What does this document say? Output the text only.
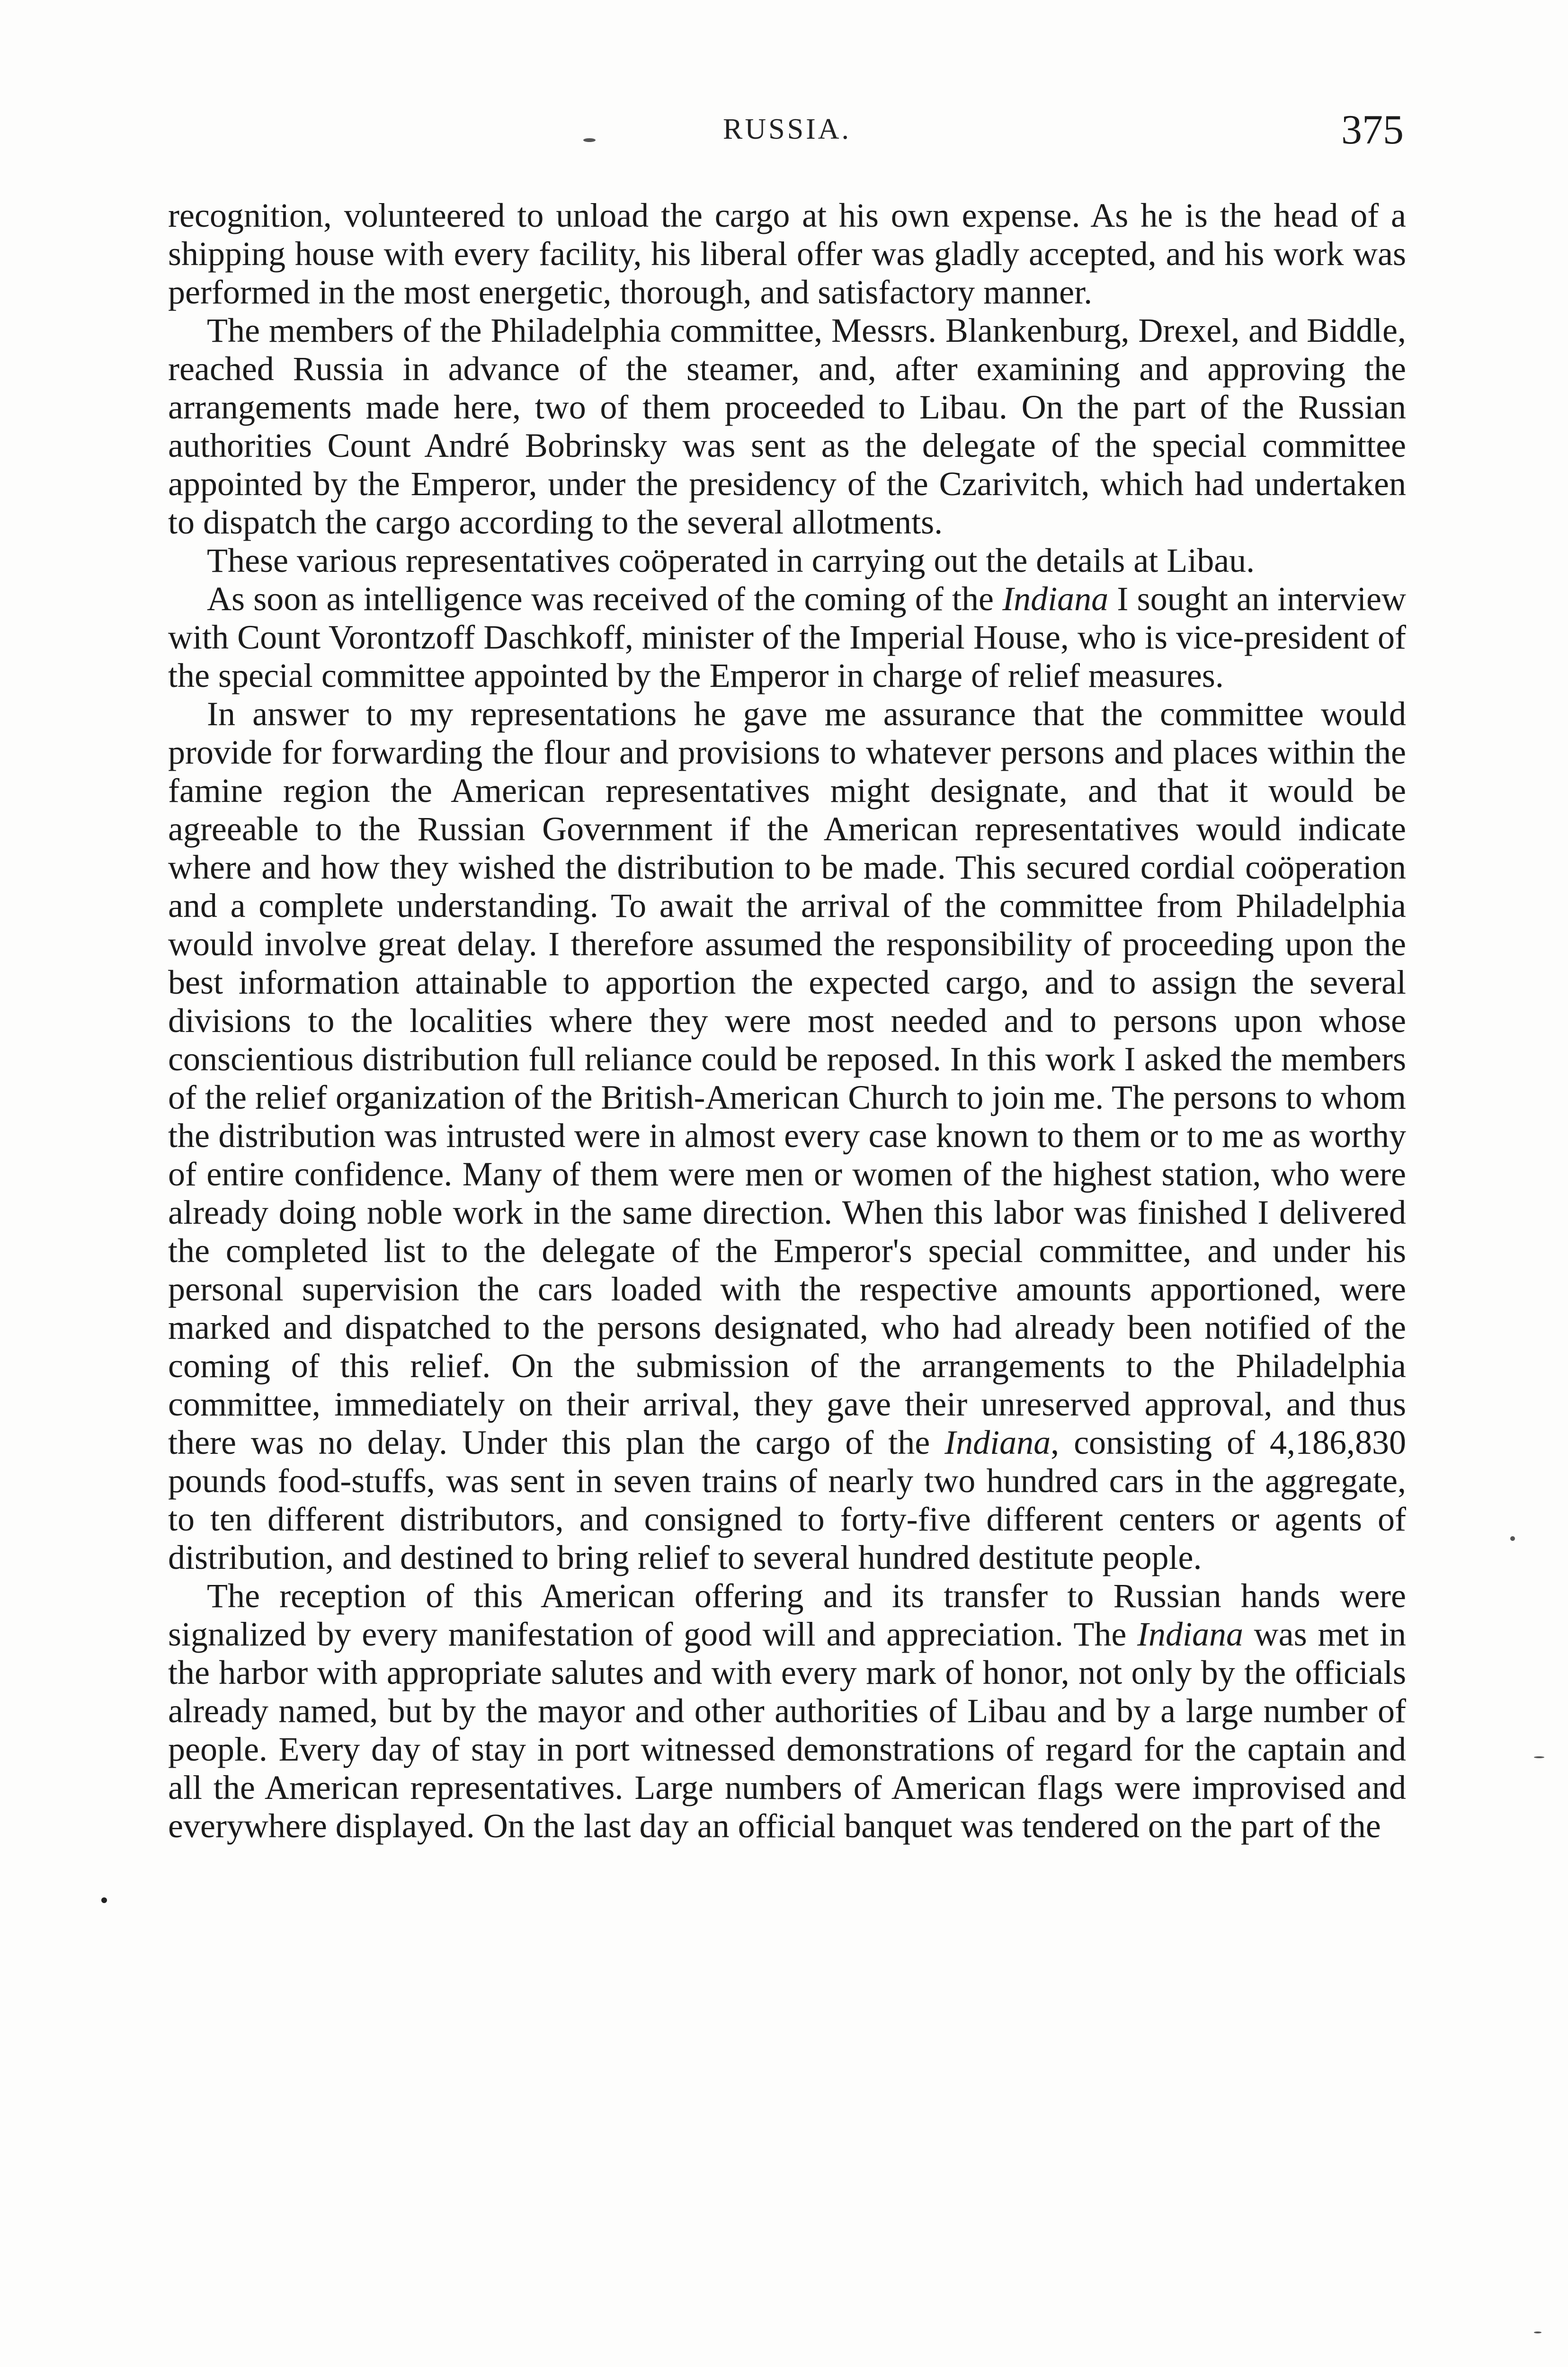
RUSSIA.	375

recognition, volunteered to unload the cargo at his own expense. As he is the head of a shipping house with every facility, his liberal offer was gladly accepted, and his work was performed in the most energetic, thorough, and satisfactory manner.

The members of the Philadelphia committee, Messrs. Blankenburg, Drexel, and Biddle, reached Russia in advance of the steamer, and, after examining and approving the arrangements made here, two of them proceeded to Libau. On the part of the Russian authorities Count André Bobrinsky was sent as the delegate of the special committee appointed by the Emperor, under the presidency of the Czarivitch, which had undertaken to dispatch the cargo according to the several allotments.

These various representatives coöperated in carrying out the details at Libau.

As soon as intelligence was received of the coming of the Indiana I sought an interview with Count Vorontzoff Daschkoff, minister of the Imperial House, who is vice-president of the special committee appointed by the Emperor in charge of relief measures.

In answer to my representations he gave me assurance that the committee would provide for forwarding the flour and provisions to whatever persons and places within the famine region the American representatives might designate, and that it would be agreeable to the Russian Government if the American representatives would indicate where and how they wished the distribution to be made. This secured cordial coöperation and a complete understanding. To await the arrival of the committee from Philadelphia would involve great delay. I therefore assumed the responsibility of proceeding upon the best information attainable to apportion the expected cargo, and to assign the several divisions to the localities where they were most needed and to persons upon whose conscientious distribution full reliance could be reposed. In this work I asked the members of the relief organization of the British-American Church to join me. The persons to whom the distribution was intrusted were in almost every case known to them or to me as worthy of entire confidence. Many of them were men or women of the highest station, who were already doing noble work in the same direction. When this labor was finished I delivered the completed list to the delegate of the Emperor's special committee, and under his personal supervision the cars loaded with the respective amounts apportioned, were marked and dispatched to the persons designated, who had already been notified of the coming of this relief. On the submission of the arrangements to the Philadelphia committee, immediately on their arrival, they gave their unreserved approval, and thus there was no delay. Under this plan the cargo of the Indiana, consisting of 4,186,830 pounds food-stuffs, was sent in seven trains of nearly two hundred cars in the aggregate, to ten different distributors, and consigned to forty-five different centers or agents of distribution, and destined to bring relief to several hundred destitute people.

The reception of this American offering and its transfer to Russian hands were signalized by every manifestation of good will and appreciation. The Indiana was met in the harbor with appropriate salutes and with every mark of honor, not only by the officials already named, but by the mayor and other authorities of Libau and by a large number of people. Every day of stay in port witnessed demonstrations of regard for the captain and all the American representatives. Large numbers of American flags were improvised and everywhere displayed. On the last day an official banquet was tendered on the part of the
